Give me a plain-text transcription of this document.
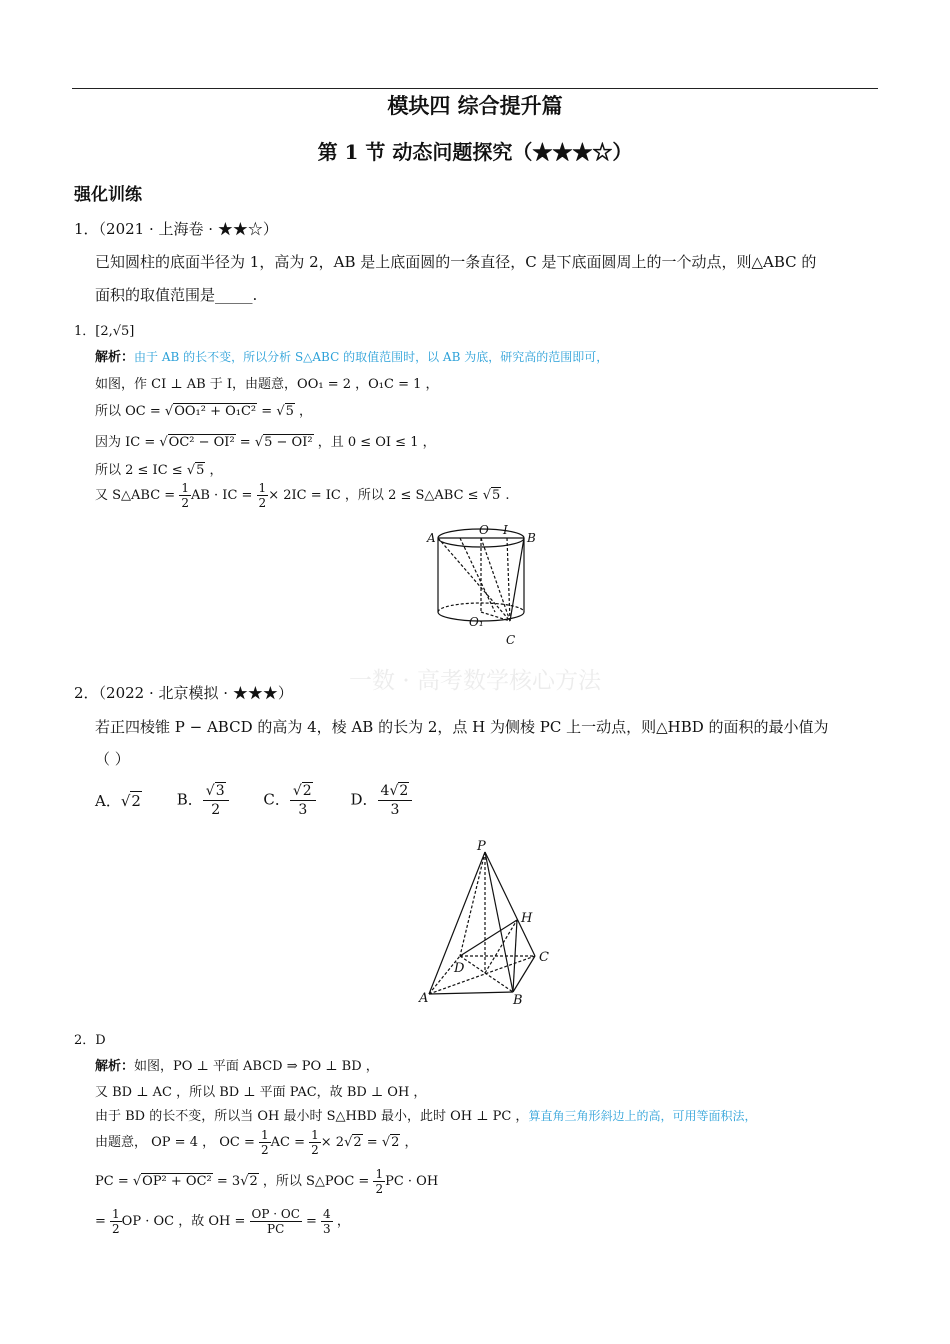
模块四 综合提升篇
第 1 节 动态问题探究（★★★☆）
强化训练
1．（2021 · 上海卷 · ★★☆）
已知圆柱的底面半径为 1，高为 2，AB 是上底面圆的一条直径，C 是下底面圆周上的一个动点，则△ABC 的
面积的取值范围是_____.
1．[2,√5]
解析：由于 AB 的长不变，所以分析 S△ABC 的取值范围时，以 AB 为底，研究高的范围即可，
如图，作 CI ⊥ AB 于 I，由题意，OO₁ = 2 ，O₁C = 1 ，
所以 OC = √OO₁² + O₁C² = √5 ，
因为 IC = √OC² − OI² = √5 − OI² ，且 0 ≤ OI ≤ 1 ，
所以 2 ≤ IC ≤ √5 ，
又 S△ABC = $\frac{1}{2}$ AB · IC = $\frac{1}{2} \times 2IC$ = IC ，所以 2 ≤ S△ABC ≤ √5 .
A	B
O I
O₁
C
一数 · 高考数学核心方法
2．（2022 · 北京模拟 · ★★★）
若正四棱锥 P − ABCD 的高为 4，棱 AB 的长为 2，点 H 为侧棱 PC 上一动点，则△HBD 的面积的最小值为
（ ）
A．√2 B． $\frac{√3}{2}$ C． $\frac{√2}{3}$ D． $\frac{4√2}{3}$
P
H
D
C
A	B
2．D
解析：如图，PO ⊥ 平面 ABCD ⇒ PO ⊥ BD ，
又 BD ⊥ AC ，所以 BD ⊥ 平面 PAC，故 BD ⊥ OH ，
由于 BD 的长不变，所以当 OH 最小时 S△HBD 最小，此时 OH ⊥ PC ，算直角三角形斜边上的高，可用等面积法，
由题意， OP = 4 ， OC = $\frac{1}{2}$ AC = $\frac{1}{2} \times 2√2 = √2$ ，
PC = √OP² + OC² = 3√2 ，所以 S△POC = $\frac{1}{2}$ PC · OH
= $\frac{1}{2}$ OP · OC ，故 OH = $\frac{OP \cdot OC}{PC} = \frac{4}{3}$ ，
